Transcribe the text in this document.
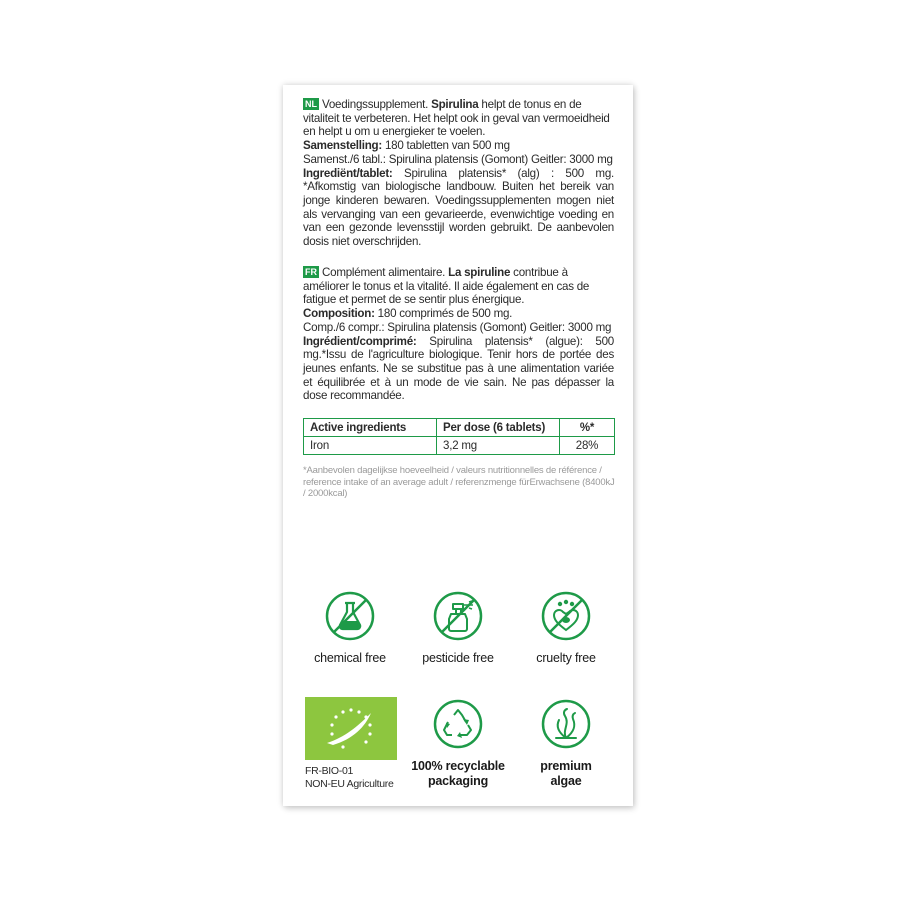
NL Voedingssupplement. Spirulina helpt de tonus en de vitaliteit te verbeteren. Het helpt ook in geval van vermoeidheid en helpt u om u energieker te voelen.

Samenstelling: 180 tabletten van 500 mg

Samenst./6 tabl.: Spirulina platensis (Gomont) Geitler: 3000 mg

Ingrediënt/tablet: Spirulina platensis* (alg) : 500 mg. *Afkomstig van biologische landbouw. Buiten het bereik van jonge kinderen bewaren. Voedingssupplementen mogen niet als vervanging van een gevarieerde, evenwichtige voeding en van een gezonde levensstijl worden gebruikt. De aanbevolen dosis niet overschrijden.

FR Complément alimentaire. La spiruline contribue à améliorer le tonus et la vitalité. Il aide également en cas de fatigue et permet de se sentir plus énergique.

Composition: 180 comprimés de 500 mg.

Comp./6 compr.: Spirulina platensis (Gomont) Geitler: 3000 mg

Ingrédient/comprimé: Spirulina platensis* (algue): 500 mg.*Issu de l'agriculture biologique. Tenir hors de portée des jeunes enfants. Ne se substitue pas à une alimentation variée et équilibrée et à un mode de vie sain. Ne pas dépasser la dose recommandée.

Active ingredients	Per dose (6 tablets)	%*
Iron	3,2 mg	28%
*Aanbevolen dagelijkse hoeveelheid / valeurs nutritionnelles de référence / reference intake of an average adult / referenzmenge fürErwachsene (8400kJ / 2000kcal)
chemical free	pesticide free	cruelty free
FR-BIO-01
NON-EU Agriculture
100% recyclable
packaging
premium
algae
